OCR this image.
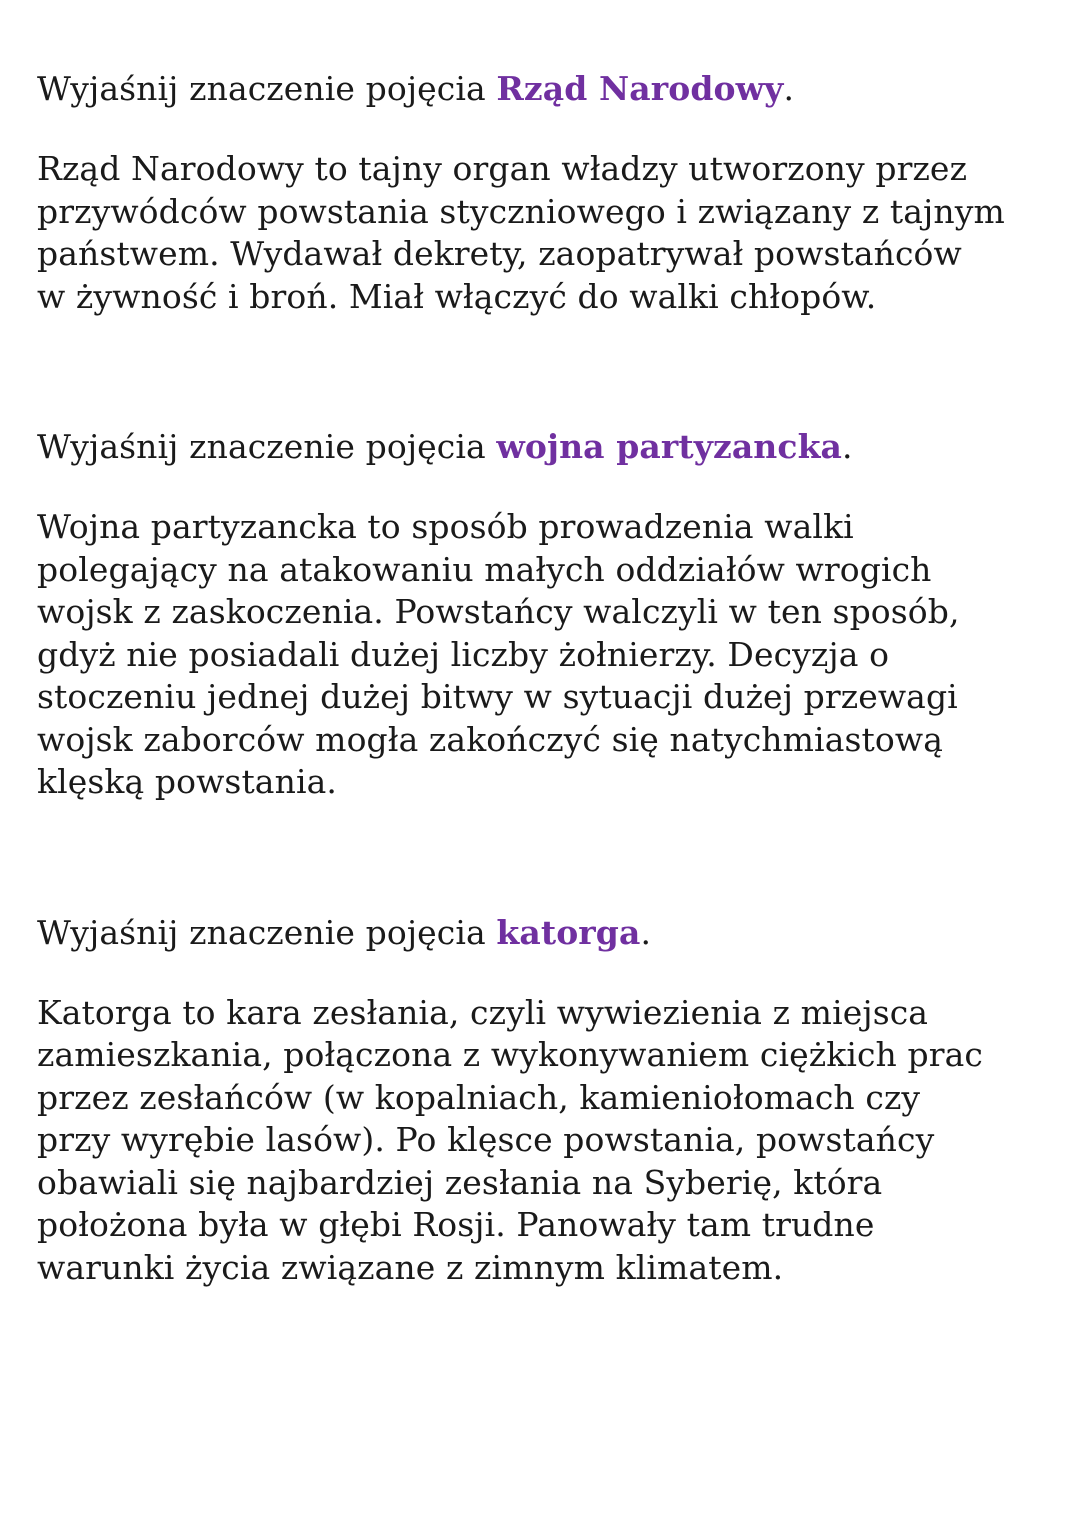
Wyjaśnij znaczenie pojęcia Rząd Narodowy.

Rząd Narodowy to tajny organ władzy utworzony przez
przywódców powstania styczniowego i związany z tajnym
państwem. Wydawał dekrety, zaopatrywał powstańców
w żywność i broń. Miał włączyć do walki chłopów.

Wyjaśnij znaczenie pojęcia wojna partyzancka.

Wojna partyzancka to sposób prowadzenia walki
polegający na atakowaniu małych oddziałów wrogich
wojsk z zaskoczenia. Powstańcy walczyli w ten sposób,
gdyż nie posiadali dużej liczby żołnierzy. Decyzja o
stoczeniu jednej dużej bitwy w sytuacji dużej przewagi
wojsk zaborców mogła zakończyć się natychmiastową
klęską powstania.

Wyjaśnij znaczenie pojęcia katorga.

Katorga to kara zesłania, czyli wywiezienia z miejsca
zamieszkania, połączona z wykonywaniem ciężkich prac
przez zesłańców (w kopalniach, kamieniołomach czy
przy wyrębie lasów). Po klęsce powstania, powstańcy
obawiali się najbardziej zesłania na Syberię, która
położona była w głębi Rosji. Panowały tam trudne
warunki życia związane z zimnym klimatem.
